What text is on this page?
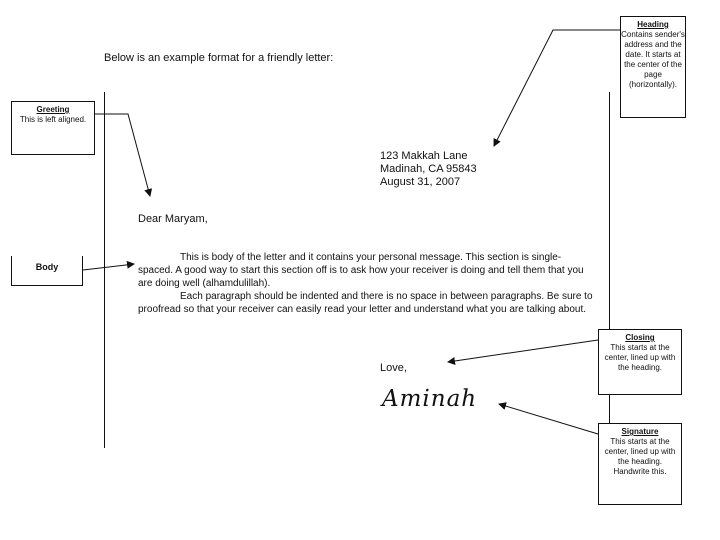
Below is an example format for a friendly letter:
123 Makkah Lane
Madinah, CA 95843
August 31, 2007
Dear Maryam,

This is body of the letter and it contains your personal message. This section is single-spaced. A good way to start this section off is to ask how your receiver is doing and tell them that you are doing well (alhamdulillah).

Each paragraph should be indented and there is no space in between paragraphs. Be sure to proofread so that your receiver can easily read your letter and understand what you are talking about.

Love,
Aminah
Heading
Contains sender's address and the date. It starts at the center of the page (horizontally).
Greeting
This is left aligned.
Body
Closing
This starts at the center, lined up with the heading.
Signature
This starts at the center, lined up with the heading. Handwrite this.
